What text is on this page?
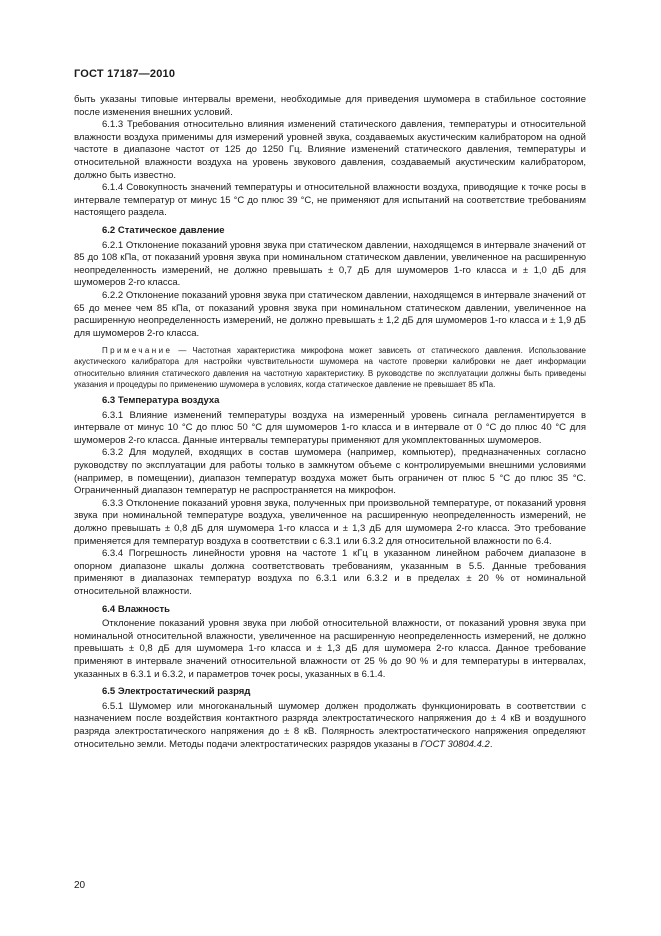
ГОСТ 17187—2010

быть указаны типовые интервалы времени, необходимые для приведения шумомера в стабильное состояние после изменения внешних условий.

6.1.3 Требования относительно влияния изменений статического давления, температуры и относительной влажности воздуха применимы для измерений уровней звука, создаваемых акустическим калибратором на одной частоте в диапазоне частот от 125 до 1250 Гц. Влияние изменений статического давления, температуры и относительной влажности воздуха на уровень звукового давления, создаваемый акустическим калибратором, должно быть известно.

6.1.4 Совокупность значений температуры и относительной влажности воздуха, приводящие к точке росы в интервале температур от минус 15 °С до плюс 39 °С, не применяют для испытаний на соответствие требованиям настоящего раздела.

6.2 Статическое давление

6.2.1 Отклонение показаний уровня звука при статическом давлении, находящемся в интервале значений от 85 до 108 кПа, от показаний уровня звука при номинальном статическом давлении, увеличенное на расширенную неопределенность измерений, не должно превышать ± 0,7 дБ для шумомеров 1-го класса и ± 1,0 дБ для шумомеров 2-го класса.

6.2.2 Отклонение показаний уровня звука при статическом давлении, находящемся в интервале значений от 65 до менее чем 85 кПа, от показаний уровня звука при номинальном статическом давлении, увеличенное на расширенную неопределенность измерений, не должно превышать ± 1,2 дБ для шумомеров 1-го класса и ± 1,9 дБ для шумомеров 2-го класса.

Примечание — Частотная характеристика микрофона может зависеть от статического давления. Использование акустического калибратора для настройки чувствительности шумомера на частоте проверки калибровки не дает информации относительно влияния статического давления на частотную характеристику. В руководстве по эксплуатации должны быть приведены указания и процедуры по применению шумомера в условиях, когда статическое давление не превышает 85 кПа.

6.3 Температура воздуха

6.3.1 Влияние изменений температуры воздуха на измеренный уровень сигнала регламентируется в интервале от минус 10 °С до плюс 50 °С для шумомеров 1-го класса и в интервале от 0 °С до плюс 40 °С для шумомеров 2-го класса. Данные интервалы температуры применяют для укомплектованных шумомеров.

6.3.2 Для модулей, входящих в состав шумомера (например, компьютер), предназначенных согласно руководству по эксплуатации для работы только в замкнутом объеме с контролируемыми внешними условиями (например, в помещении), диапазон температур воздуха может быть ограничен от плюс 5 °С до плюс 35 °С. Ограниченный диапазон температур не распространяется на микрофон.

6.3.3 Отклонение показаний уровня звука, полученных при произвольной температуре, от показаний уровня звука при номинальной температуре воздуха, увеличенное на расширенную неопределенность измерений, не должно превышать ± 0,8 дБ для шумомера 1-го класса и ± 1,3 дБ для шумомера 2-го класса. Это требование применяется для температур воздуха в соответствии с 6.3.1 или 6.3.2 для относительной влажности по 6.4.

6.3.4 Погрешность линейности уровня на частоте 1 кГц в указанном линейном рабочем диапазоне в опорном диапазоне шкалы должна соответствовать требованиям, указанным в 5.5. Данные требования применяют в диапазонах температур воздуха по 6.3.1 или 6.3.2 и в пределах ± 20 % от номинальной относительной влажности.

6.4 Влажность

Отклонение показаний уровня звука при любой относительной влажности, от показаний уровня звука при номинальной относительной влажности, увеличенное на расширенную неопределенность измерений, не должно превышать ± 0,8 дБ для шумомера 1-го класса и ± 1,3 дБ для шумомера 2-го класса. Данное требование применяют в интервале значений относительной влажности от 25 % до 90 % и для температуры в интервалах, указанных в 6.3.1 и 6.3.2, и параметров точек росы, указанных в 6.1.4.

6.5 Электростатический разряд

6.5.1 Шумомер или многоканальный шумомер должен продолжать функционировать в соответствии с назначением после воздействия контактного разряда электростатического напряжения до ± 4 кВ и воздушного разряда электростатического напряжения до ± 8 кВ. Полярность электростатического напряжения определяют относительно земли. Методы подачи электростатических разрядов указаны в ГОСТ 30804.4.2.

20
